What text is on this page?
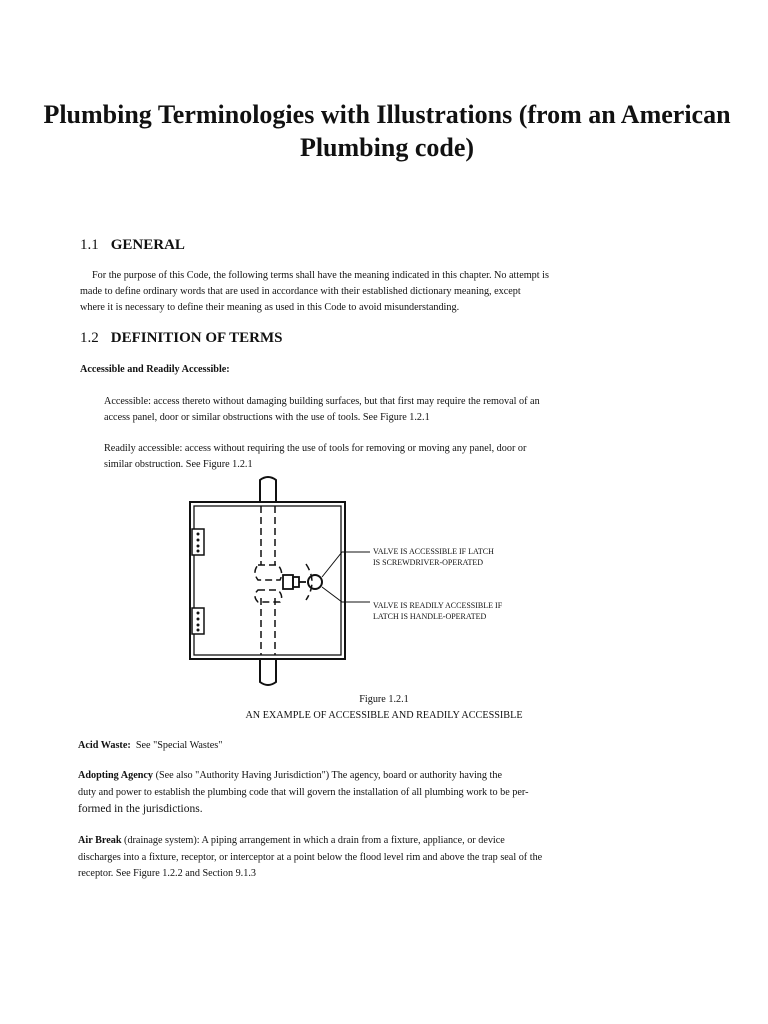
Plumbing Terminologies with Illustrations (from an American Plumbing code)
1.1 GENERAL

For the purpose of this Code, the following terms shall have the meaning indicated in this chapter. No attempt is

made to define ordinary words that are used in accordance with their established dictionary meaning, except

where it is necessary to define their meaning as used in this Code to avoid misunderstanding.

1.2 DEFINITION OF TERMS

Accessible and Readily Accessible:

Accessible: access thereto without damaging building surfaces, but that first may require the removal of an

access panel, door or similar obstructions with the use of tools. See Figure 1.2.1

Readily accessible: access without requiring the use of tools for removing or moving any panel, door or

similar obstruction. See Figure 1.2.1

VALVE IS ACCESSIBLE IF LATCH
IS SCREWDRIVER-OPERATED
VALVE IS READILY ACCESSIBLE IF
LATCH IS HANDLE-OPERATED

Figure 1.2.1

AN EXAMPLE OF ACCESSIBLE AND READILY ACCESSIBLE

Acid Waste: See "Special Wastes"

Adopting Agency (See also "Authority Having Jurisdiction") The agency, board or authority having the
duty and power to establish the plumbing code that will govern the installation of all plumbing work to be per-
formed in the jurisdictions.
Air Break (drainage system): A piping arrangement in which a drain from a fixture, appliance, or device
discharges into a fixture, receptor, or interceptor at a point below the flood level rim and above the trap seal of the
receptor. See Figure 1.2.2 and Section 9.1.3
